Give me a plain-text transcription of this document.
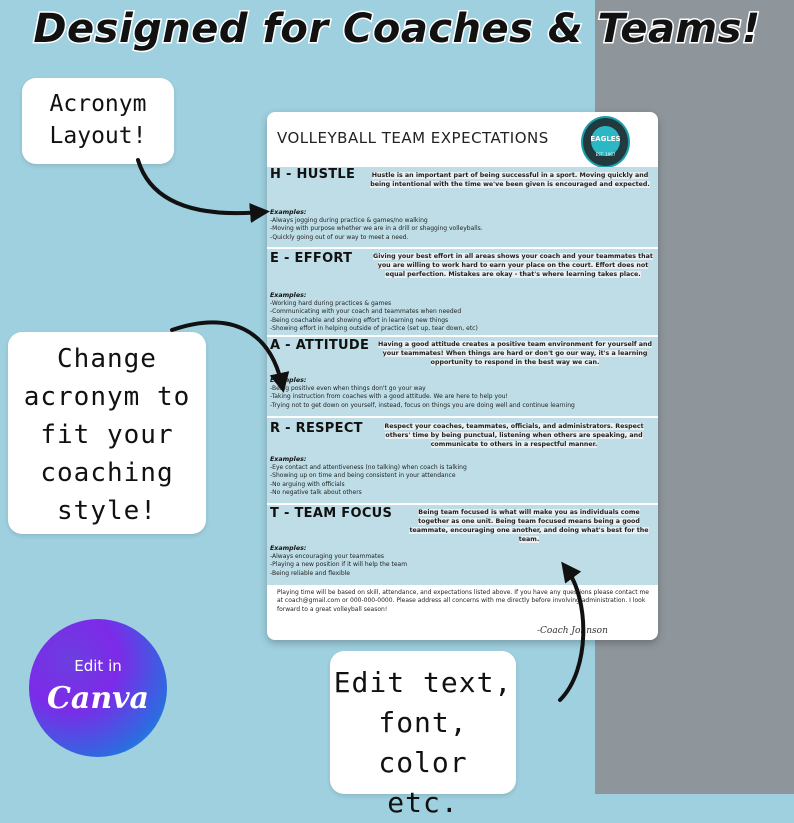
Designed for Coaches & Teams!
Acronym
Layout!
Change
acronym to
fit your
coaching
style!
Edit in
Canva
VOLLEYBALL TEAM EXPECTATIONS	EAGLES
EST. 1987
H - HUSTLE	Hustle is an important part of being successful in a sport. Moving quickly and being intentional with the time we've been given is encouraged and expected.
Examples:
-Always jogging during practice & games/no walking
-Moving with purpose whether we are in a drill or shagging volleyballs.
-Quickly going out of our way to meet a need.
E - EFFORT	Giving your best effort in all areas shows your coach and your teammates that you are willing to work hard to earn your place on the court. Effort does not equal perfection. Mistakes are okay - that's where learning takes place.
Examples:
-Working hard during practices & games
-Communicating with your coach and teammates when needed
-Being coachable and showing effort in learning new things
-Showing effort in helping outside of practice (set up, tear down, etc)
A - ATTITUDE Having a good attitude creates a positive team environment for yourself and your teammates! When things are hard or don't go our way, it's a learning opportunity to respond in the best way we can.
Examples:
-Being positive even when things don't go your way
-Taking instruction from coaches with a good attitude. We are here to help you!
-Trying not to get down on yourself, instead, focus on things you are doing well and continue learning
R - RESPECT	Respect your coaches, teammates, officials, and administrators. Respect others' time by being punctual, listening when others are speaking, and communicate to others in a respectful manner.
Examples:
-Eye contact and attentiveness (no talking) when coach is talking
-Showing up on time and being consistent in your attendance
-No arguing with officials
-No negative talk about others
T - TEAM FOCUS	Being team focused is what will make you as individuals come together as one unit. Being team focused means being a good teammate, encouraging one another, and doing what's best for the team.
Examples:
-Always encouraging your teammates
-Playing a new position if it will help the team
-Being reliable and flexible
Playing time will be based on skill, attendance, and expectations listed above. If you have any questions please contact me at coach@gmail.com or 000-000-0000. Please address all concerns with me directly before involving administration. I look forward to a great volleyball season!
-Coach Johnson
Edit text,
font, color
etc.
